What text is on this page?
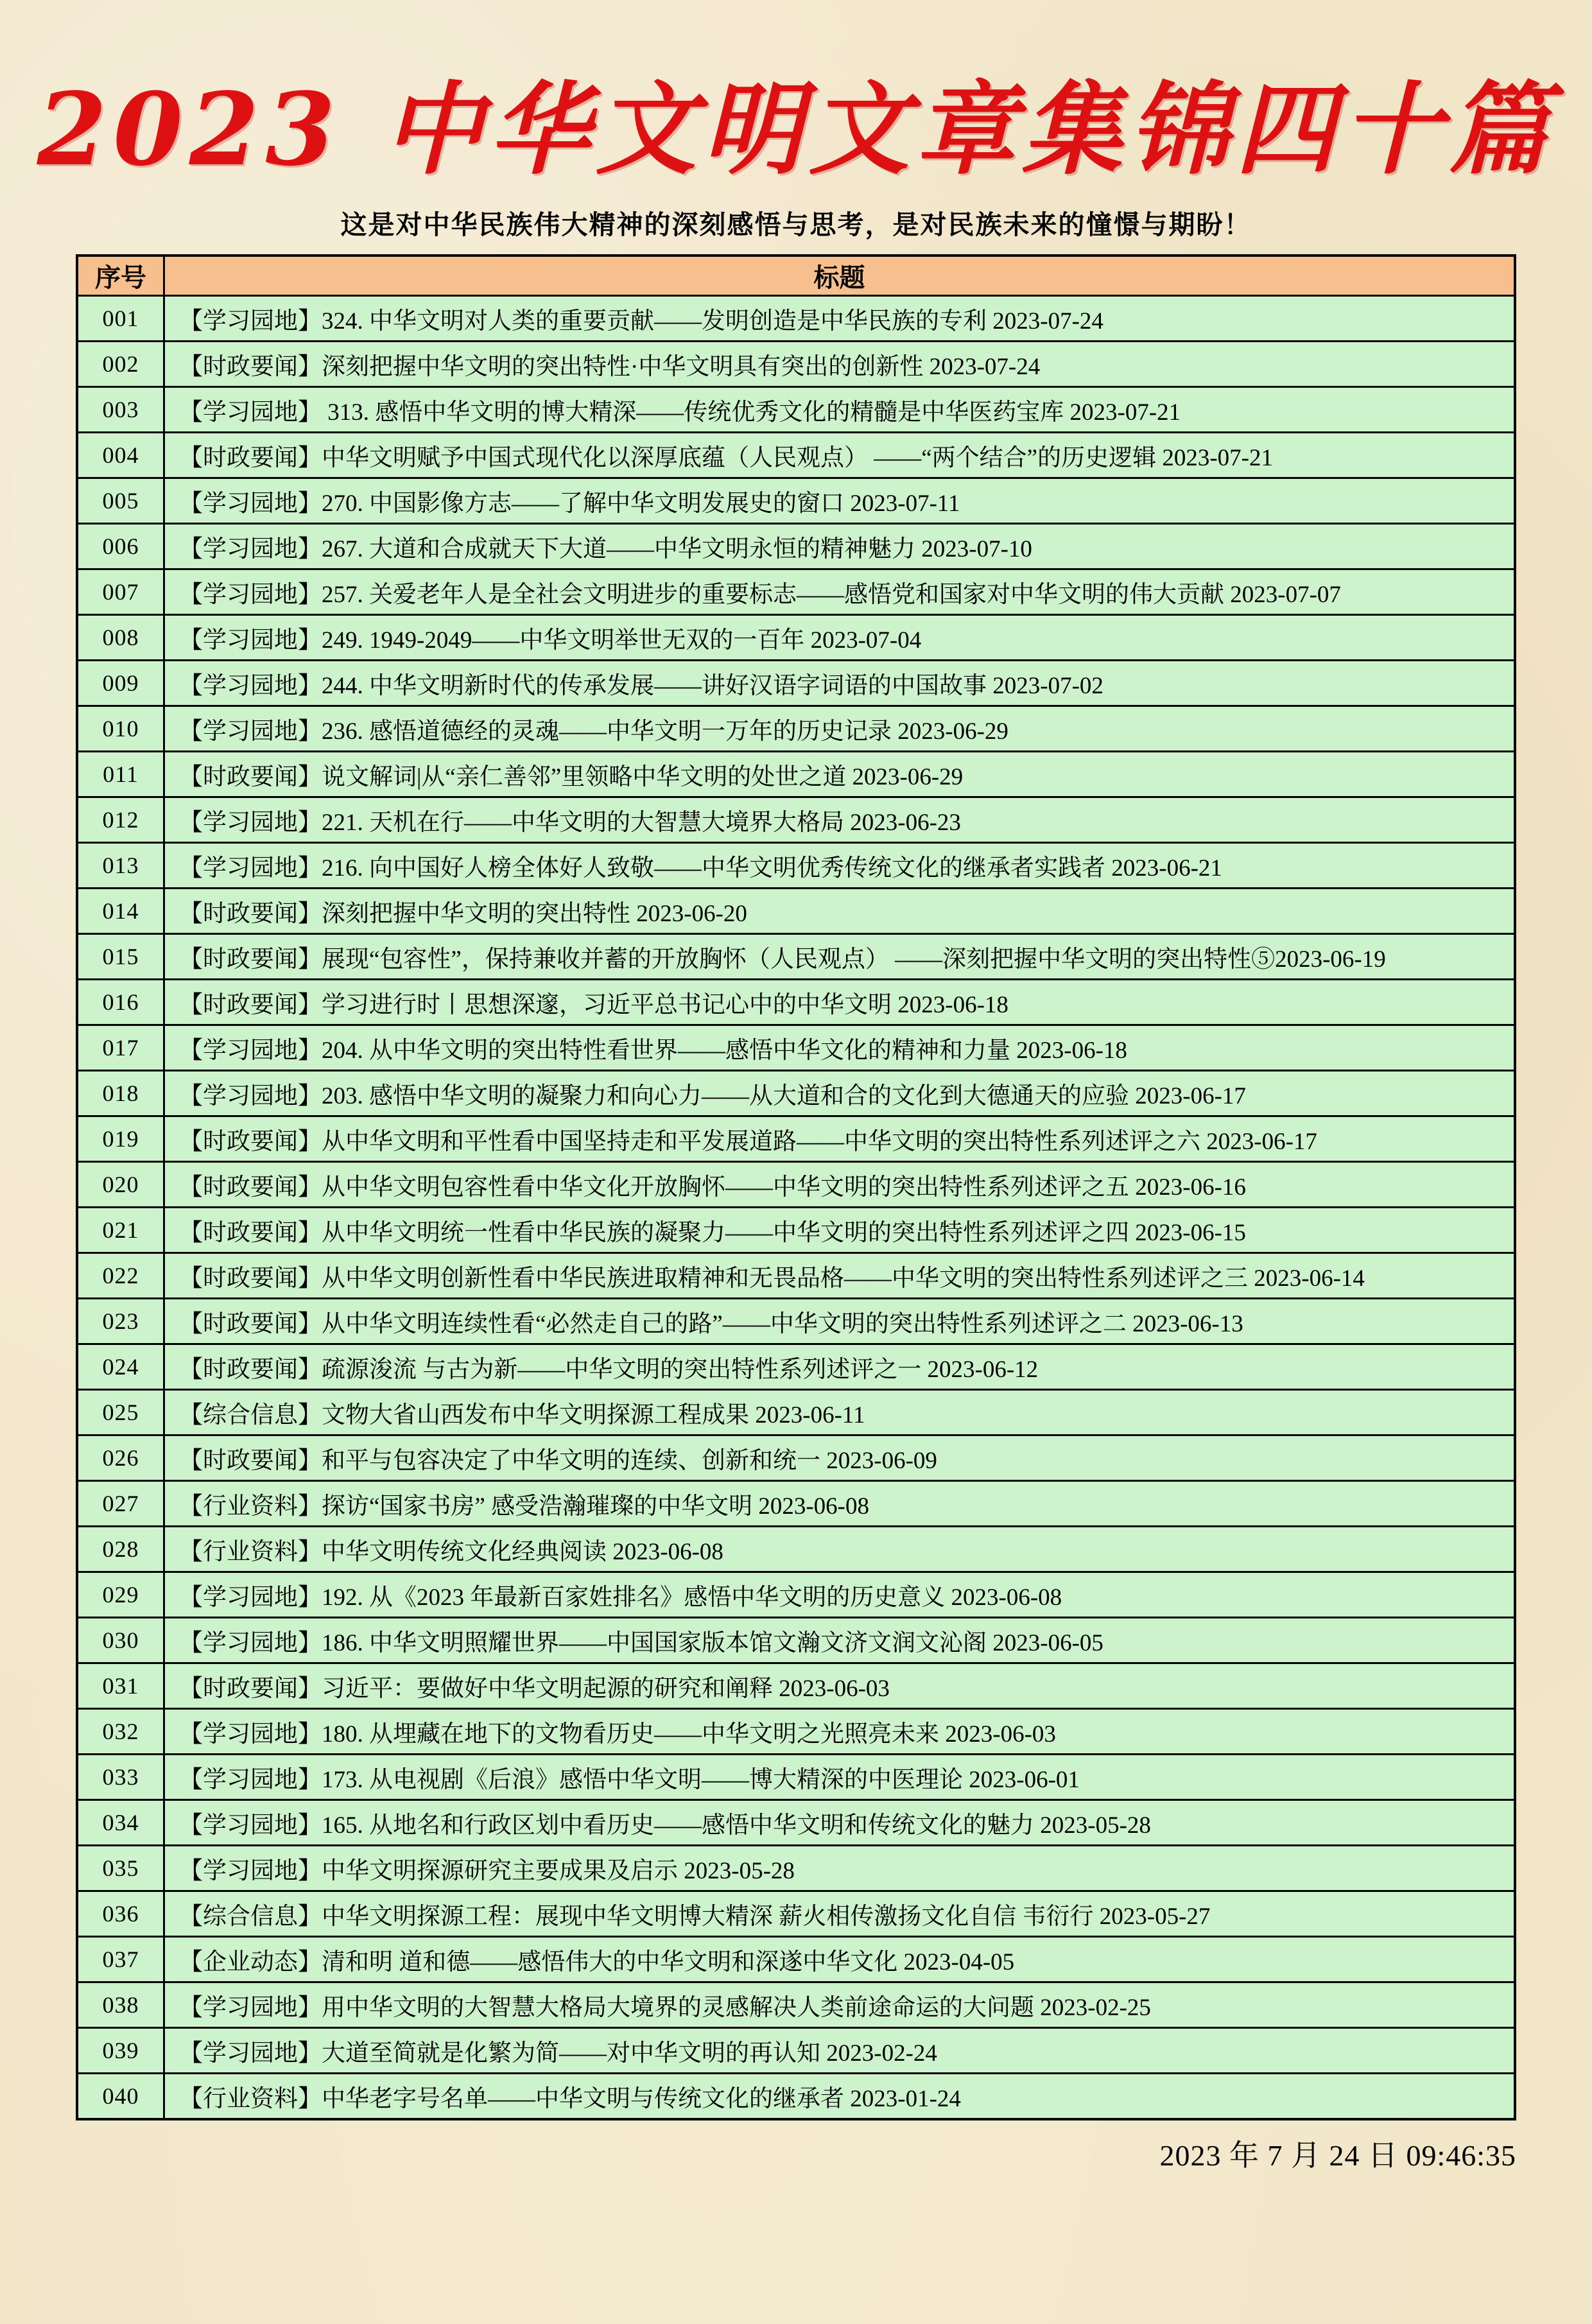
2023 中华文明文章集锦四十篇
这是对中华民族伟大精神的深刻感悟与思考，是对民族未来的憧憬与期盼！
序号	标题
001	【学习园地】324. 中华文明对人类的重要贡献——发明创造是中华民族的专利 2023-07-24
002	【时政要闻】深刻把握中华文明的突出特性·中华文明具有突出的创新性 2023-07-24
003	【学习园地】 313. 感悟中华文明的博大精深——传统优秀文化的精髓是中华医药宝库 2023-07-21
004	【时政要闻】中华文明赋予中国式现代化以深厚底蕴（人民观点） ——“两个结合”的历史逻辑 2023-07-21
005	【学习园地】270. 中国影像方志——了解中华文明发展史的窗口 2023-07-11
006	【学习园地】267. 大道和合成就天下大道——中华文明永恒的精神魅力 2023-07-10
007	【学习园地】257. 关爱老年人是全社会文明进步的重要标志——感悟党和国家对中华文明的伟大贡献 2023-07-07
008	【学习园地】249. 1949-2049——中华文明举世无双的一百年 2023-07-04
009	【学习园地】244. 中华文明新时代的传承发展——讲好汉语字词语的中国故事 2023-07-02
010	【学习园地】236. 感悟道德经的灵魂——中华文明一万年的历史记录 2023-06-29
011	【时政要闻】说文解词|从“亲仁善邻”里领略中华文明的处世之道 2023-06-29
012	【学习园地】221. 天机在行——中华文明的大智慧大境界大格局 2023-06-23
013	【学习园地】216. 向中国好人榜全体好人致敬——中华文明优秀传统文化的继承者实践者 2023-06-21
014	【时政要闻】深刻把握中华文明的突出特性 2023-06-20
015	【时政要闻】展现“包容性”，保持兼收并蓄的开放胸怀（人民观点） ——深刻把握中华文明的突出特性⑤2023-06-19
016	【时政要闻】学习进行时丨思想深邃，习近平总书记心中的中华文明 2023-06-18
017	【学习园地】204. 从中华文明的突出特性看世界——感悟中华文化的精神和力量 2023-06-18
018	【学习园地】203. 感悟中华文明的凝聚力和向心力——从大道和合的文化到大德通天的应验 2023-06-17
019	【时政要闻】从中华文明和平性看中国坚持走和平发展道路——中华文明的突出特性系列述评之六 2023-06-17
020	【时政要闻】从中华文明包容性看中华文化开放胸怀——中华文明的突出特性系列述评之五 2023-06-16
021	【时政要闻】从中华文明统一性看中华民族的凝聚力——中华文明的突出特性系列述评之四 2023-06-15
022	【时政要闻】从中华文明创新性看中华民族进取精神和无畏品格——中华文明的突出特性系列述评之三 2023-06-14
023	【时政要闻】从中华文明连续性看“必然走自己的路”——中华文明的突出特性系列述评之二 2023-06-13
024	【时政要闻】疏源浚流 与古为新——中华文明的突出特性系列述评之一 2023-06-12
025	【综合信息】文物大省山西发布中华文明探源工程成果 2023-06-11
026	【时政要闻】和平与包容决定了中华文明的连续、创新和统一 2023-06-09
027	【行业资料】探访“国家书房” 感受浩瀚璀璨的中华文明 2023-06-08
028	【行业资料】中华文明传统文化经典阅读 2023-06-08
029	【学习园地】192. 从《2023 年最新百家姓排名》感悟中华文明的历史意义 2023-06-08
030	【学习园地】186. 中华文明照耀世界——中国国家版本馆文瀚文济文润文沁阁 2023-06-05
031	【时政要闻】习近平：要做好中华文明起源的研究和阐释 2023-06-03
032	【学习园地】180. 从埋藏在地下的文物看历史——中华文明之光照亮未来 2023-06-03
033	【学习园地】173. 从电视剧《后浪》感悟中华文明——博大精深的中医理论 2023-06-01
034	【学习园地】165. 从地名和行政区划中看历史——感悟中华文明和传统文化的魅力 2023-05-28
035	【学习园地】中华文明探源研究主要成果及启示 2023-05-28
036	【综合信息】中华文明探源工程：展现中华文明博大精深 薪火相传激扬文化自信 韦衍行 2023-05-27
037	【企业动态】清和明 道和德——感悟伟大的中华文明和深遂中华文化 2023-04-05
038	【学习园地】用中华文明的大智慧大格局大境界的灵感解决人类前途命运的大问题 2023-02-25
039	【学习园地】大道至简就是化繁为简——对中华文明的再认知 2023-02-24
040	【行业资料】中华老字号名单——中华文明与传统文化的继承者 2023-01-24
2023 年 7 月 24 日 09:46:35
